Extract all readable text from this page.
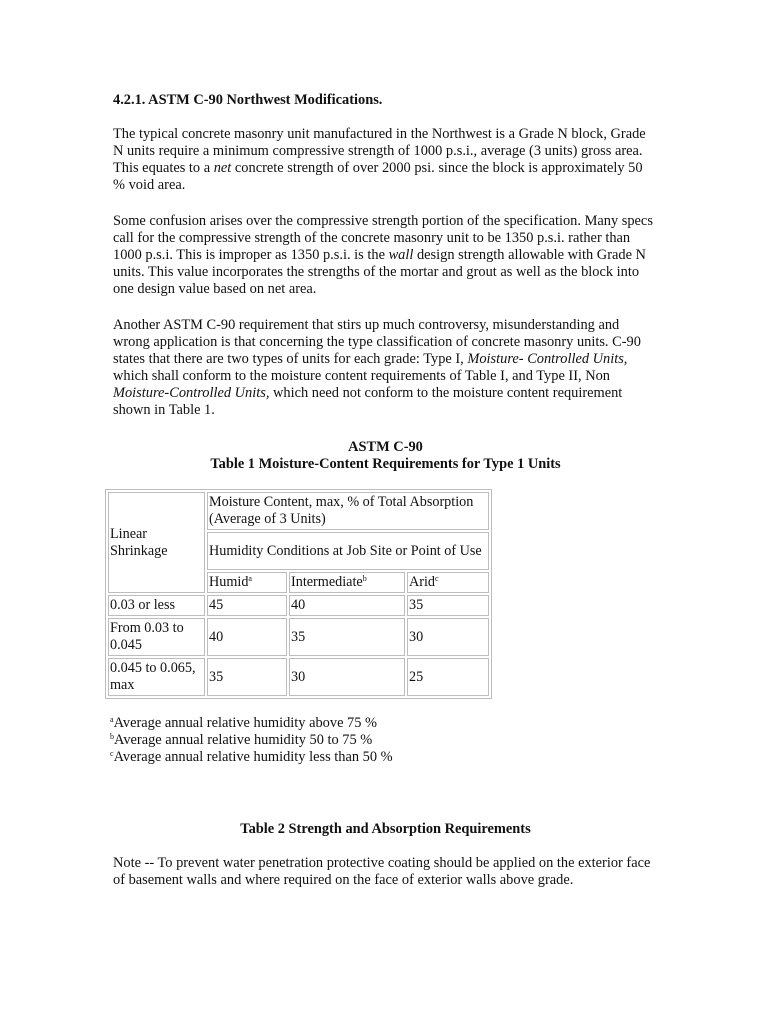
4.2.1. ASTM C-90 Northwest Modifications.

The typical concrete masonry unit manufactured in the Northwest is a Grade N block, Grade N units require a minimum compressive strength of 1000 p.s.i., average (3 units) gross area. This equates to a net concrete strength of over 2000 psi. since the block is approximately 50 % void area.

Some confusion arises over the compressive strength portion of the specification. Many specs call for the compressive strength of the concrete masonry unit to be 1350 p.s.i. rather than 1000 p.s.i. This is improper as 1350 p.s.i. is the wall design strength allowable with Grade N units. This value incorporates the strengths of the mortar and grout as well as the block into one design value based on net area.

Another ASTM C-90 requirement that stirs up much controversy, misunderstanding and wrong application is that concerning the type classification of concrete masonry units. C-90 states that there are two types of units for each grade: Type I, Moisture- Controlled Units, which shall conform to the moisture content requirements of Table I, and Type II, Non Moisture-Controlled Units, which need not conform to the moisture content requirement shown in Table 1.

ASTM C-90
Table 1 Moisture-Content Requirements for Type 1 Units
Linear Shrinkage	Moisture Content, max, % of Total Absorption (Average of 3 Units)		
	Humidity Conditions at Job Site or Point of Use		
	Humid$^a$	Intermediate$^b$	Arid$^c$
0.03 or less	45	40	35
From 0.03 to 0.045	40	35	30
0.045 to 0.065, max	35	30	25
$^a$Average annual relative humidity above 75 %
$^b$Average annual relative humidity 50 to 75 %
$^c$Average annual relative humidity less than 50 %
Table 2 Strength and Absorption Requirements

Note -- To prevent water penetration protective coating should be applied on the exterior face of basement walls and where required on the face of exterior walls above grade.
